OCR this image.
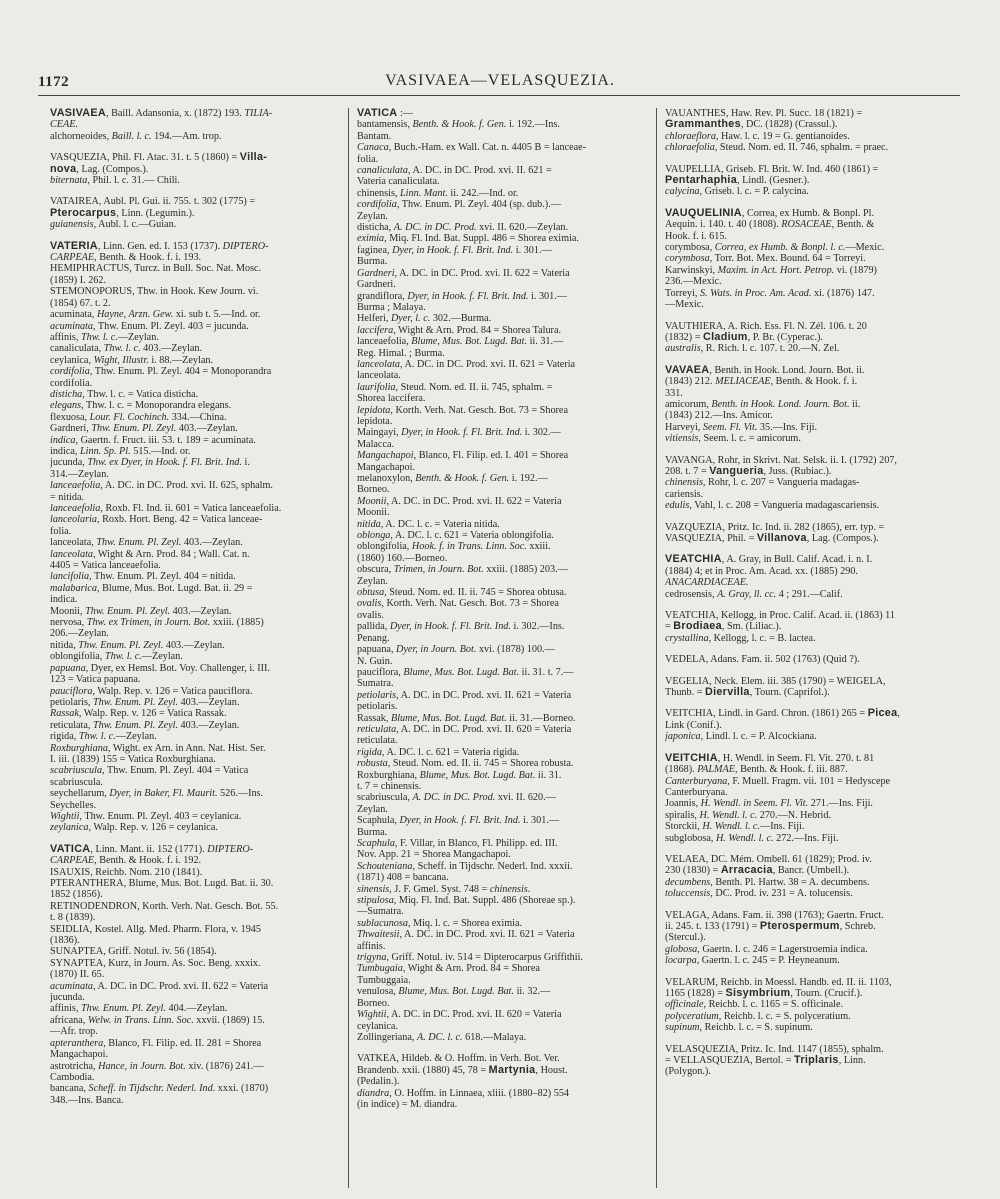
1172	VASIVAEA—VELASQUEZIA.
VASIVAEA, Baill. Adansonia, x. (1872) 193. TILIA-
CEAE.
alchorneoides, Baill. l. c. 194.—Am. trop.
VASQUEZIA, Phil. Fl. Atac. 31. t. 5 (1860) = Villa-
nova, Lag. (Compos.).
biternata, Phil. l. c. 31.— Chili.
VATAIREA, Aubl. Pl. Gui. ii. 755. t. 302 (1775) =
Pterocarpus, Linn. (Legumin.).
guianensis, Aubl. l. c.—Guian.
VATERIA, Linn. Gen. ed. I. 153 (1737). DIPTERO-
CARPEAE, Benth. & Hook. f. i. 193.
HEMIPHRACTUS, Turcz. in Bull. Soc. Nat. Mosc.
(1859) I. 262.
STEMONOPORUS, Thw. in Hook. Kew Journ. vi.
(1854) 67. t. 2.
acuminata, Hayne, Arzn. Gew. xi. sub t. 5.—Ind. or.
acuminata, Thw. Enum. Pl. Zeyl. 403 = jucunda.
affinis, Thw. l. c.—Zeylan.
canaliculata, Thw. l. c. 403.—Zeylan.
ceylanica, Wight, Illustr. i. 88.—Zeylan.
cordifolia, Thw. Enum. Pl. Zeyl. 404 = Monoporandra
cordifolia.
disticha, Thw. l. c. = Vatica disticha.
elegans, Thw. l. c. = Monoporandra elegans.
flexuosa, Lour. Fl. Cochinch. 334.—China.
Gardneri, Thw. Enum. Pl. Zeyl. 403.—Zeylan.
indica, Gaertn. f. Fruct. iii. 53. t. 189 = acuminata.
indica, Linn. Sp. Pl. 515.—Ind. or.
jucunda, Thw. ex Dyer, in Hook. f. Fl. Brit. Ind. i.
314.—Zeylan.
lanceaefolia, A. DC. in DC. Prod. xvi. II. 625, sphalm.
= nitida.
lanceaefolia, Roxb. Fl. Ind. ii. 601 = Vatica lanceaefolia.
lanceolaria, Roxb. Hort. Beng. 42 = Vatica lanceae-
folia.
lanceolata, Thw. Enum. Pl. Zeyl. 403.—Zeylan.
lanceolata, Wight & Arn. Prod. 84 ; Wall. Cat. n.
4405 = Vatica lanceaefolia.
lancifolia, Thw. Enum. Pl. Zeyl. 404 = nitida.
malabarica, Blume, Mus. Bot. Lugd. Bat. ii. 29 =
indica.
Moonii, Thw. Enum. Pl. Zeyl. 403.—Zeylan.
nervosa, Thw. ex Trimen, in Journ. Bot. xxiii. (1885)
206.—Zeylan.
nitida, Thw. Enum. Pl. Zeyl. 403.—Zeylan.
oblongifolia, Thw. l. c.—Zeylan.
papuana, Dyer, ex Hemsl. Bot. Voy. Challenger, i. III.
123 = Vatica papuana.
pauciflora, Walp. Rep. v. 126 = Vatica pauciflora.
petiolaris, Thw. Enum. Pl. Zeyl. 403.—Zeylan.
Rassak, Walp. Rep. v. 126 = Vatica Rassak.
reticulata, Thw. Enum. Pl. Zeyl. 403.—Zeylan.
rigida, Thw. l. c.—Zeylan.
Roxburghiana, Wight. ex Arn. in Ann. Nat. Hist. Ser.
I. iii. (1839) 155 = Vatica Roxburghiana.
scabriuscula, Thw. Enum. Pl. Zeyl. 404 = Vatica
scabriuscula.
seychellarum, Dyer, in Baker, Fl. Maurit. 526.—Ins.
Seychelles.
Wightii, Thw. Enum. Pl. Zeyl. 403 = ceylanica.
zeylanica, Walp. Rep. v. 126 = ceylanica.
VATICA, Linn. Mant. ii. 152 (1771). DIPTERO-
CARPEAE, Benth. & Hook. f. i. 192.
ISAUXIS, Reichb. Nom. 210 (1841).
PTERANTHERA, Blume, Mus. Bot. Lugd. Bat. ii. 30.
1852 (1856).
RETINODENDRON, Korth. Verh. Nat. Gesch. Bot. 55.
t. 8 (1839).
SEIDLIA, Kostel. Allg. Med. Pharm. Flora, v. 1945
(1836).
SUNAPTEA, Griff. Notul. iv. 56 (1854).
SYNAPTEA, Kurz, in Journ. As. Soc. Beng. xxxix.
(1870) II. 65.
acuminata, A. DC. in DC. Prod. xvi. II. 622 = Vateria
jucunda.
affinis, Thw. Enum. Pl. Zeyl. 404.—Zeylan.
africana, Welw. in Trans. Linn. Soc. xxvii. (1869) 15.
—Afr. trop.
apteranthera, Blanco, Fl. Filip. ed. II. 281 = Shorea
Mangachapoi.
astrotricha, Hance, in Journ. Bot. xiv. (1876) 241.—
Cambodia.
bancana, Scheff. in Tijdschr. Nederl. Ind. xxxi. (1870)
348.—Ins. Banca.
VATICA :—
bantamensis, Benth. & Hook. f. Gen. i. 192.—Ins.
Bantam.
Canaca, Buch.-Ham. ex Wall. Cat. n. 4405 B = lanceae-
folia.
canaliculata, A. DC. in DC. Prod. xvi. II. 621 =
Vateria canaliculata.
chinensis, Linn. Mant. ii. 242.—Ind. or.
cordifolia, Thw. Enum. Pl. Zeyl. 404 (sp. dub.).—
Zeylan.
disticha, A. DC. in DC. Prod. xvi. II. 620.—Zeylan.
eximia, Miq. Fl. Ind. Bat. Suppl. 486 = Shorea eximia.
faginea, Dyer, in Hook. f. Fl. Brit. Ind. i. 301.—
Burma.
Gardneri, A. DC. in DC. Prod. xvi. II. 622 = Vateria
Gardneri.
grandiflora, Dyer, in Hook. f. Fl. Brit. Ind. i. 301.—
Burma ; Malaya.
Helferi, Dyer, l. c. 302.—Burma.
laccifera, Wight & Arn. Prod. 84 = Shorea Talura.
lanceaefolia, Blume, Mus. Bot. Lugd. Bat. ii. 31.—
Reg. Himal. ; Burma.
lanceolata, A. DC. in DC. Prod. xvi. II. 621 = Vateria
lanceolata.
laurifolia, Steud. Nom. ed. II. ii. 745, sphalm. =
Shorea laccifera.
lepidota, Korth. Verh. Nat. Gesch. Bot. 73 = Shorea
lepidota.
Maingayi, Dyer, in Hook. f. Fl. Brit. Ind. i. 302.—
Malacca.
Mangachapoi, Blanco, Fl. Filip. ed. I. 401 = Shorea
Mangachapoi.
melanoxylon, Benth. & Hook. f. Gen. i. 192.—
Borneo.
Moonii, A. DC. in DC. Prod. xvi. II. 622 = Vateria
Moonii.
nitida, A. DC. l. c. = Vateria nitida.
oblonga, A. DC. l. c. 621 = Vateria oblongifolia.
oblongifolia, Hook. f. in Trans. Linn. Soc. xxiii.
(1860) 160.—Borneo.
obscura, Trimen, in Journ. Bot. xxiii. (1885) 203.—
Zeylan.
obtusa, Steud. Nom. ed. II. ii. 745 = Shorea obtusa.
ovalis, Korth. Verh. Nat. Gesch. Bot. 73 = Shorea
ovalis.
pallida, Dyer, in Hook. f. Fl. Brit. Ind. i. 302.—Ins.
Penang.
papuana, Dyer, in Journ. Bot. xvi. (1878) 100.—
N. Guin.
pauciflora, Blume, Mus. Bot. Lugd. Bat. ii. 31. t. 7.—
Sumatra.
petiolaris, A. DC. in DC. Prod. xvi. II. 621 = Vateria
petiolaris.
Rassak, Blume, Mus. Bot. Lugd. Bat. ii. 31.—Borneo.
reticulata, A. DC. in DC. Prod. xvi. II. 620 = Vateria
reticulata.
rigida, A. DC. l. c. 621 = Vateria rigida.
robusta, Steud. Nom. ed. II. ii. 745 = Shorea robusta.
Roxburghiana, Blume, Mus. Bot. Lugd. Bat. ii. 31.
t. 7 = chinensis.
scabriuscula, A. DC. in DC. Prod. xvi. II. 620.—
Zeylan.
Scaphula, Dyer, in Hook. f. Fl. Brit. Ind. i. 301.—
Burma.
Scaphula, F. Villar, in Blanco, Fl. Philipp. ed. III.
Nov. App. 21 = Shorea Mangachapoi.
Schouteniana, Scheff. in Tijdschr. Nederl. Ind. xxxii.
(1871) 408 = bancana.
sinensis, J. F. Gmel. Syst. 748 = chinensis.
stipulosa, Miq. Fl. Ind. Bat. Suppl. 486 (Shoreae sp.).
—Sumatra.
sublacunosa, Miq. l. c. = Shorea eximia.
Thwaitesii, A. DC. in DC. Prod. xvi. II. 621 = Vateria
affinis.
trigyna, Griff. Notul. iv. 514 = Dipterocarpus Griffithii.
Tumbugaia, Wight & Arn. Prod. 84 = Shorea
Tumbuggaia.
venulosa, Blume, Mus. Bot. Lugd. Bat. ii. 32.—
Borneo.
Wightii, A. DC. in DC. Prod. xvi. II. 620 = Vateria
ceylanica.
Zollingeriana, A. DC. l. c. 618.—Malaya.
VATKEA, Hildeb. & O. Hoffm. in Verh. Bot. Ver.
Brandenb. xxii. (1880) 45, 78 = Martynia, Houst.
(Pedalin.).
diandra, O. Hoffm. in Linnaea, xliii. (1880–82) 554
(in indice) = M. diandra.
VAUANTHES, Haw. Rev. Pl. Succ. 18 (1821) =
Grammanthes, DC. (1828) (Crassul.).
chloraeflora, Haw. l. c. 19 = G. gentianoides.
chloraefolia, Steud. Nom. ed. II. 746, sphalm. = praec.
VAUPELLIA, Griseb. Fl. Brit. W. Ind. 460 (1861) =
Pentarhaphia, Lindl. (Gesner.).
calycina, Griseb. l. c. = P. calycina.
VAUQUELINIA, Correa, ex Humb. & Bonpl. Pl.
Aequin. i. 140. t. 40 (1808). ROSACEAE, Benth. &
Hook. f. i. 615.
corymbosa, Correa, ex Humb. & Bonpl. l. c.—Mexic.
corymbosa, Torr. Bot. Mex. Bound. 64 = Torreyi.
Karwinskyi, Maxim. in Act. Hort. Petrop. vi. (1879)
236.—Mexic.
Torreyi, S. Wats. in Proc. Am. Acad. xi. (1876) 147.
—Mexic.
VAUTHIERA, A. Rich. Ess. Fl. N. Zél. 106. t. 20
(1832) = Cladium, P. Br. (Cyperac.).
australis, R. Rich. l. c. 107. t. 20.—N. Zel.
VAVAEA, Benth. in Hook. Lond. Journ. Bot. ii.
(1843) 212. MELIACEAE, Benth. & Hook. f. i.
331.
amicorum, Benth. in Hook. Lond. Journ. Bot. ii.
(1843) 212.—Ins. Amicor.
Harveyi, Seem. Fl. Vit. 35.—Ins. Fiji.
vitiensis, Seem. l. c. = amicorum.
VAVANGA, Rohr, in Skrivt. Nat. Selsk. ii. I. (1792) 207,
208. t. 7 = Vangueria, Juss. (Rubiac.).
chinensis, Rohr, l. c. 207 = Vangueria madagas-
cariensis.
edulis, Vahl, l. c. 208 = Vangueria madagascariensis.
VAZQUEZIA, Pritz. Ic. Ind. ii. 282 (1865), err. typ. =
VASQUEZIA, Phil. = Villanova, Lag. (Compos.).
VEATCHIA, A. Gray, in Bull. Calif. Acad. i. n. I.
(1884) 4; et in Proc. Am. Acad. xx. (1885) 290.
ANACARDIACEAE.
cedrosensis, A. Gray, ll. cc. 4 ; 291.—Calif.
VEATCHIA, Kellogg, in Proc. Calif. Acad. ii. (1863) 11
= Brodiaea, Sm. (Liliac.).
crystallina, Kellogg, l. c. = B. lactea.
VEDELA, Adans. Fam. ii. 502 (1763) (Quid ?).
VEGELIA, Neck. Elem. iii. 385 (1790) = WEIGELA,
Thunb. = Diervilla, Tourn. (Caprifol.).
VEITCHIA, Lindl. in Gard. Chron. (1861) 265 = Picea,
Link (Conif.).
japonica, Lindl. l. c. = P. Alcockiana.
VEITCHIA, H. Wendl. in Seem. Fl. Vit. 270. t. 81
(1868). PALMAE, Benth. & Hook. f. iii. 887.
Canterburyana, F. Muell. Fragm. vii. 101 = Hedyscepe
Canterburyana.
Joannis, H. Wendl. in Seem. Fl. Vit. 271.—Ins. Fiji.
spiralis, H. Wendl. l. c. 270.—N. Hebrid.
Storckii, H. Wendl. l. c.—Ins. Fiji.
subglobosa, H. Wendl. l. c. 272.—Ins. Fiji.
VELAEA, DC. Mém. Ombell. 61 (1829); Prod. iv.
230 (1830) = Arracacia, Bancr. (Umbell.).
decumbens, Benth. Pl. Hartw. 38 = A. decumbens.
toluccensis, DC. Prod. iv. 231 = A. tolucensis.
VELAGA, Adans. Fam. ii. 398 (1763); Gaertn. Fruct.
ii. 245. t. 133 (1791) = Pterospermum, Schreb.
(Stercul.).
globosa, Gaertn. l. c. 246 = Lagerstroemia indica.
locarpa, Gaertn. l. c. 245 = P. Heyneanum.
VELARUM, Reichb. in Moessl. Handb. ed. II. ii. 1103,
1165 (1828) = Sisymbrium, Tourn. (Crucif.).
officinale, Reichb. l. c. 1165 = S. officinale.
polyceratium, Reichb. l. c. = S. polyceratium.
supinum, Reichb. l. c. = S. supinum.
VELASQUEZIA, Pritz. Ic. Ind. 1147 (1855), sphalm.
= VELLASQUEZIA, Bertol. = Triplaris, Linn.
(Polygon.).
